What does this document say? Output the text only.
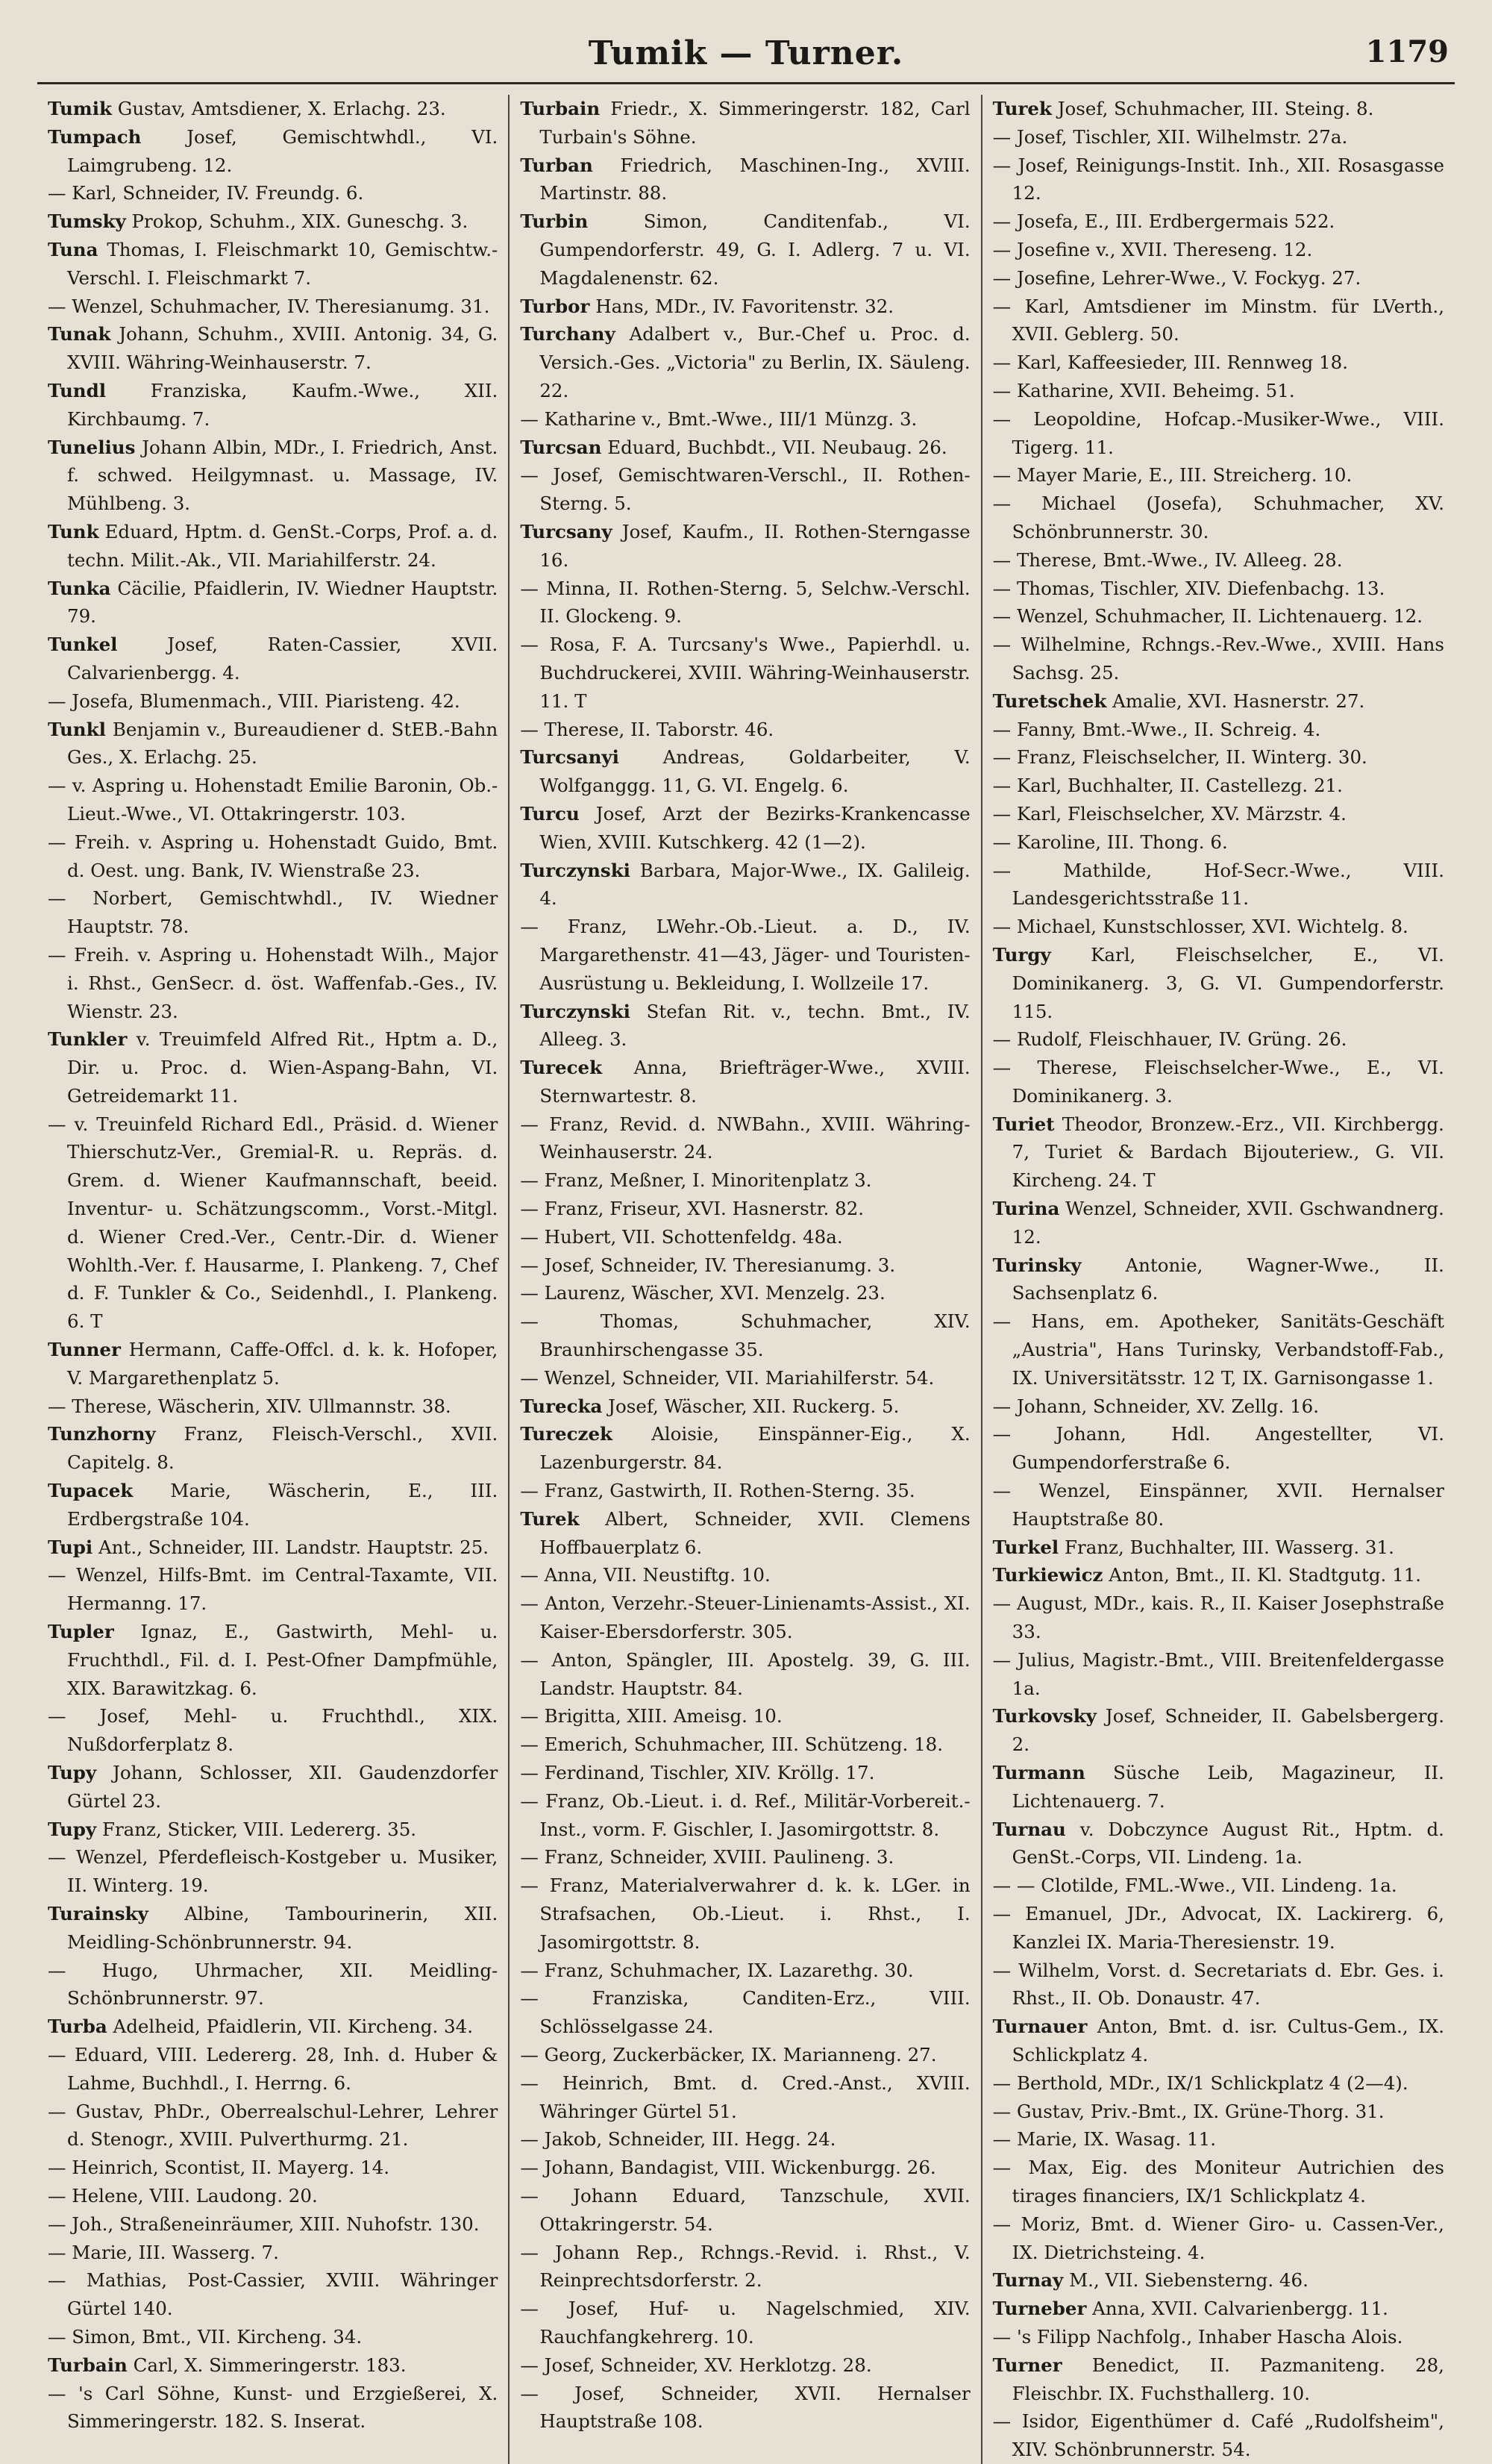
Tumik — Turner.	1179
Tumik Gustav, Amtsdiener, X. Erlachg. 23.
Tumpach Josef, Gemischtwhdl., VI. Laimgrubeng. 12.
— Karl, Schneider, IV. Freundg. 6.
Tumsky Prokop, Schuhm., XIX. Guneschg. 3.
Tuna Thomas, I. Fleischmarkt 10, Gemischtw.-Verschl. I. Fleischmarkt 7.
— Wenzel, Schuhmacher, IV. Theresianumg. 31.
Tunak Johann, Schuhm., XVIII. Antonig. 34, G. XVIII. Währing-Weinhauserstr. 7.
Tundl Franziska, Kaufm.-Wwe., XII. Kirchbaumg. 7.
Tunelius Johann Albin, MDr., I. Friedrich, Anst. f. schwed. Heilgymnast. u. Massage, IV. Mühlbeng. 3.
Tunk Eduard, Hptm. d. GenSt.-Corps, Prof. a. d. techn. Milit.-Ak., VII. Mariahilferstr. 24.
Tunka Cäcilie, Pfaidlerin, IV. Wiedner Hauptstr. 79.
Tunkel Josef, Raten-Cassier, XVII. Calvarienbergg. 4.
— Josefa, Blumenmach., VIII. Piaristeng. 42.
Tunkl Benjamin v., Bureaudiener d. StEB.-Bahn Ges., X. Erlachg. 25.
— v. Aspring u. Hohenstadt Emilie Baronin, Ob.-Lieut.-Wwe., VI. Ottakringerstr. 103.
— Freih. v. Aspring u. Hohenstadt Guido, Bmt. d. Oest. ung. Bank, IV. Wienstraße 23.
— Norbert, Gemischtwhdl., IV. Wiedner Hauptstr. 78.
— Freih. v. Aspring u. Hohenstadt Wilh., Major i. Rhst., GenSecr. d. öst. Waffenfab.-Ges., IV. Wienstr. 23.
Tunkler v. Treuimfeld Alfred Rit., Hptm a. D., Dir. u. Proc. d. Wien-Aspang-Bahn, VI. Getreidemarkt 11.
— v. Treuinfeld Richard Edl., Präsid. d. Wiener Thierschutz-Ver., Gremial-R. u. Repräs. d. Grem. d. Wiener Kaufmannschaft, beeid. Inventur- u. Schätzungscomm., Vorst.-Mitgl. d. Wiener Cred.-Ver., Centr.-Dir. d. Wiener Wohlth.-Ver. f. Hausarme, I. Plankeng. 7, Chef d. F. Tunkler & Co., Seidenhdl., I. Plankeng. 6. T
Tunner Hermann, Caffe-Offcl. d. k. k. Hofoper, V. Margarethenplatz 5.
— Therese, Wäscherin, XIV. Ullmannstr. 38.
Tunzhorny Franz, Fleisch-Verschl., XVII. Capitelg. 8.
Tupacek Marie, Wäscherin, E., III. Erdbergstraße 104.
Tupi Ant., Schneider, III. Landstr. Hauptstr. 25.
— Wenzel, Hilfs-Bmt. im Central-Taxamte, VII. Hermanng. 17.
Tupler Ignaz, E., Gastwirth, Mehl- u. Fruchthdl., Fil. d. I. Pest-Ofner Dampfmühle, XIX. Barawitzkag. 6.
— Josef, Mehl- u. Fruchthdl., XIX. Nußdorferplatz 8.
Tupy Johann, Schlosser, XII. Gaudenzdorfer Gürtel 23.
Tupy Franz, Sticker, VIII. Ledererg. 35.
— Wenzel, Pferdefleisch-Kostgeber u. Musiker, II. Winterg. 19.
Turainsky Albine, Tambourinerin, XII. Meidling-Schönbrunnerstr. 94.
— Hugo, Uhrmacher, XII. Meidling-Schönbrunnerstr. 97.
Turba Adelheid, Pfaidlerin, VII. Kircheng. 34.
— Eduard, VIII. Ledererg. 28, Inh. d. Huber & Lahme, Buchhdl., I. Herrng. 6.
— Gustav, PhDr., Oberrealschul-Lehrer, Lehrer d. Stenogr., XVIII. Pulverthurmg. 21.
— Heinrich, Scontist, II. Mayerg. 14.
— Helene, VIII. Laudong. 20.
— Joh., Straßeneinräumer, XIII. Nuhofstr. 130.
— Marie, III. Wasserg. 7.
— Mathias, Post-Cassier, XVIII. Währinger Gürtel 140.
— Simon, Bmt., VII. Kircheng. 34.
Turbain Carl, X. Simmeringerstr. 183.
— 's Carl Söhne, Kunst- und Erzgießerei, X. Simmeringerstr. 182. S. Inserat.
Turbain Friedr., X. Simmeringerstr. 182, Carl Turbain's Söhne.
Turban Friedrich, Maschinen-Ing., XVIII. Martinstr. 88.
Turbin Simon, Canditenfab., VI. Gumpendorferstr. 49, G. I. Adlerg. 7 u. VI. Magdalenenstr. 62.
Turbor Hans, MDr., IV. Favoritenstr. 32.
Turchany Adalbert v., Bur.-Chef u. Proc. d. Versich.-Ges. „Victoria" zu Berlin, IX. Säuleng. 22.
— Katharine v., Bmt.-Wwe., III/1 Münzg. 3.
Turcsan Eduard, Buchbdt., VII. Neubaug. 26.
— Josef, Gemischtwaren-Verschl., II. Rothen-Sterng. 5.
Turcsany Josef, Kaufm., II. Rothen-Sterngasse 16.
— Minna, II. Rothen-Sterng. 5, Selchw.-Verschl. II. Glockeng. 9.
— Rosa, F. A. Turcsany's Wwe., Papierhdl. u. Buchdruckerei, XVIII. Währing-Weinhauserstr. 11. T
— Therese, II. Taborstr. 46.
Turcsanyi Andreas, Goldarbeiter, V. Wolfganggg. 11, G. VI. Engelg. 6.
Turcu Josef, Arzt der Bezirks-Krankencasse Wien, XVIII. Kutschkerg. 42 (1—2).
Turczynski Barbara, Major-Wwe., IX. Galileig. 4.
— Franz, LWehr.-Ob.-Lieut. a. D., IV. Margarethenstr. 41—43, Jäger- und Touristen-Ausrüstung u. Bekleidung, I. Wollzeile 17.
Turczynski Stefan Rit. v., techn. Bmt., IV. Alleeg. 3.
Turecek Anna, Briefträger-Wwe., XVIII. Sternwartestr. 8.
— Franz, Revid. d. NWBahn., XVIII. Währing-Weinhauserstr. 24.
— Franz, Meßner, I. Minoritenplatz 3.
— Franz, Friseur, XVI. Hasnerstr. 82.
— Hubert, VII. Schottenfeldg. 48a.
— Josef, Schneider, IV. Theresianumg. 3.
— Laurenz, Wäscher, XVI. Menzelg. 23.
— Thomas, Schuhmacher, XIV. Braunhirschengasse 35.
— Wenzel, Schneider, VII. Mariahilferstr. 54.
Turecka Josef, Wäscher, XII. Ruckerg. 5.
Tureczek Aloisie, Einspänner-Eig., X. Lazenburgerstr. 84.
— Franz, Gastwirth, II. Rothen-Sterng. 35.
Turek Albert, Schneider, XVII. Clemens Hoffbauerplatz 6.
— Anna, VII. Neustiftg. 10.
— Anton, Verzehr.-Steuer-Linienamts-Assist., XI. Kaiser-Ebersdorferstr. 305.
— Anton, Spängler, III. Apostelg. 39, G. III. Landstr. Hauptstr. 84.
— Brigitta, XIII. Ameisg. 10.
— Emerich, Schuhmacher, III. Schützeng. 18.
— Ferdinand, Tischler, XIV. Kröllg. 17.
— Franz, Ob.-Lieut. i. d. Ref., Militär-Vorbereit.-Inst., vorm. F. Gischler, I. Jasomirgottstr. 8.
— Franz, Schneider, XVIII. Paulineng. 3.
— Franz, Materialverwahrer d. k. k. LGer. in Strafsachen, Ob.-Lieut. i. Rhst., I. Jasomirgottstr. 8.
— Franz, Schuhmacher, IX. Lazarethg. 30.
— Franziska, Canditen-Erz., VIII. Schlösselgasse 24.
— Georg, Zuckerbäcker, IX. Marianneng. 27.
— Heinrich, Bmt. d. Cred.-Anst., XVIII. Währinger Gürtel 51.
— Jakob, Schneider, III. Hegg. 24.
— Johann, Bandagist, VIII. Wickenburgg. 26.
— Johann Eduard, Tanzschule, XVII. Ottakringerstr. 54.
— Johann Rep., Rchngs.-Revid. i. Rhst., V. Reinprechtsdorferstr. 2.
— Josef, Huf- u. Nagelschmied, XIV. Rauchfangkehrerg. 10.
— Josef, Schneider, XV. Herklotzg. 28.
— Josef, Schneider, XVII. Hernalser Hauptstraße 108.
Turek Josef, Schuhmacher, III. Steing. 8.
— Josef, Tischler, XII. Wilhelmstr. 27a.
— Josef, Reinigungs-Instit. Inh., XII. Rosasgasse 12.
— Josefa, E., III. Erdbergermais 522.
— Josefine v., XVII. Thereseng. 12.
— Josefine, Lehrer-Wwe., V. Fockyg. 27.
— Karl, Amtsdiener im Minstm. für LVerth., XVII. Geblerg. 50.
— Karl, Kaffeesieder, III. Rennweg 18.
— Katharine, XVII. Beheimg. 51.
— Leopoldine, Hofcap.-Musiker-Wwe., VIII. Tigerg. 11.
— Mayer Marie, E., III. Streicherg. 10.
— Michael (Josefa), Schuhmacher, XV. Schönbrunnerstr. 30.
— Therese, Bmt.-Wwe., IV. Alleeg. 28.
— Thomas, Tischler, XIV. Diefenbachg. 13.
— Wenzel, Schuhmacher, II. Lichtenauerg. 12.
— Wilhelmine, Rchngs.-Rev.-Wwe., XVIII. Hans Sachsg. 25.
Turetschek Amalie, XVI. Hasnerstr. 27.
— Fanny, Bmt.-Wwe., II. Schreig. 4.
— Franz, Fleischselcher, II. Winterg. 30.
— Karl, Buchhalter, II. Castellezg. 21.
— Karl, Fleischselcher, XV. Märzstr. 4.
— Karoline, III. Thong. 6.
— Mathilde, Hof-Secr.-Wwe., VIII. Landesgerichtsstraße 11.
— Michael, Kunstschlosser, XVI. Wichtelg. 8.
Turgy Karl, Fleischselcher, E., VI. Dominikanerg. 3, G. VI. Gumpendorferstr. 115.
— Rudolf, Fleischhauer, IV. Grüng. 26.
— Therese, Fleischselcher-Wwe., E., VI. Dominikanerg. 3.
Turiet Theodor, Bronzew.-Erz., VII. Kirchbergg. 7, Turiet & Bardach Bijouteriew., G. VII. Kircheng. 24. T
Turina Wenzel, Schneider, XVII. Gschwandnerg. 12.
Turinsky Antonie, Wagner-Wwe., II. Sachsenplatz 6.
— Hans, em. Apotheker, Sanitäts-Geschäft „Austria", Hans Turinsky, Verbandstoff-Fab., IX. Universitätsstr. 12 T, IX. Garnisongasse 1.
— Johann, Schneider, XV. Zellg. 16.
— Johann, Hdl. Angestellter, VI. Gumpendorferstraße 6.
— Wenzel, Einspänner, XVII. Hernalser Hauptstraße 80.
Turkel Franz, Buchhalter, III. Wasserg. 31.
Turkiewicz Anton, Bmt., II. Kl. Stadtgutg. 11.
— August, MDr., kais. R., II. Kaiser Josephstraße 33.
— Julius, Magistr.-Bmt., VIII. Breitenfeldergasse 1a.
Turkovsky Josef, Schneider, II. Gabelsbergerg. 2.
Turmann Süsche Leib, Magazineur, II. Lichtenauerg. 7.
Turnau v. Dobczynce August Rit., Hptm. d. GenSt.-Corps, VII. Lindeng. 1a.
— — Clotilde, FML.-Wwe., VII. Lindeng. 1a.
— Emanuel, JDr., Advocat, IX. Lackirerg. 6, Kanzlei IX. Maria-Theresienstr. 19.
— Wilhelm, Vorst. d. Secretariats d. Ebr. Ges. i. Rhst., II. Ob. Donaustr. 47.
Turnauer Anton, Bmt. d. isr. Cultus-Gem., IX. Schlickplatz 4.
— Berthold, MDr., IX/1 Schlickplatz 4 (2—4).
— Gustav, Priv.-Bmt., IX. Grüne-Thorg. 31.
— Marie, IX. Wasag. 11.
— Max, Eig. des Moniteur Autrichien des tirages financiers, IX/1 Schlickplatz 4.
— Moriz, Bmt. d. Wiener Giro- u. Cassen-Ver., IX. Dietrichsteing. 4.
Turnay M., VII. Siebensterng. 46.
Turneber Anna, XVII. Calvarienbergg. 11.
— 's Filipp Nachfolg., Inhaber Hascha Alois.
Turner Benedict, II. Pazmaniteng. 28, Fleischbr. IX. Fuchsthallerg. 10.
— Isidor, Eigenthümer d. Café „Rudolfsheim", XIV. Schönbrunnerstr. 54.
